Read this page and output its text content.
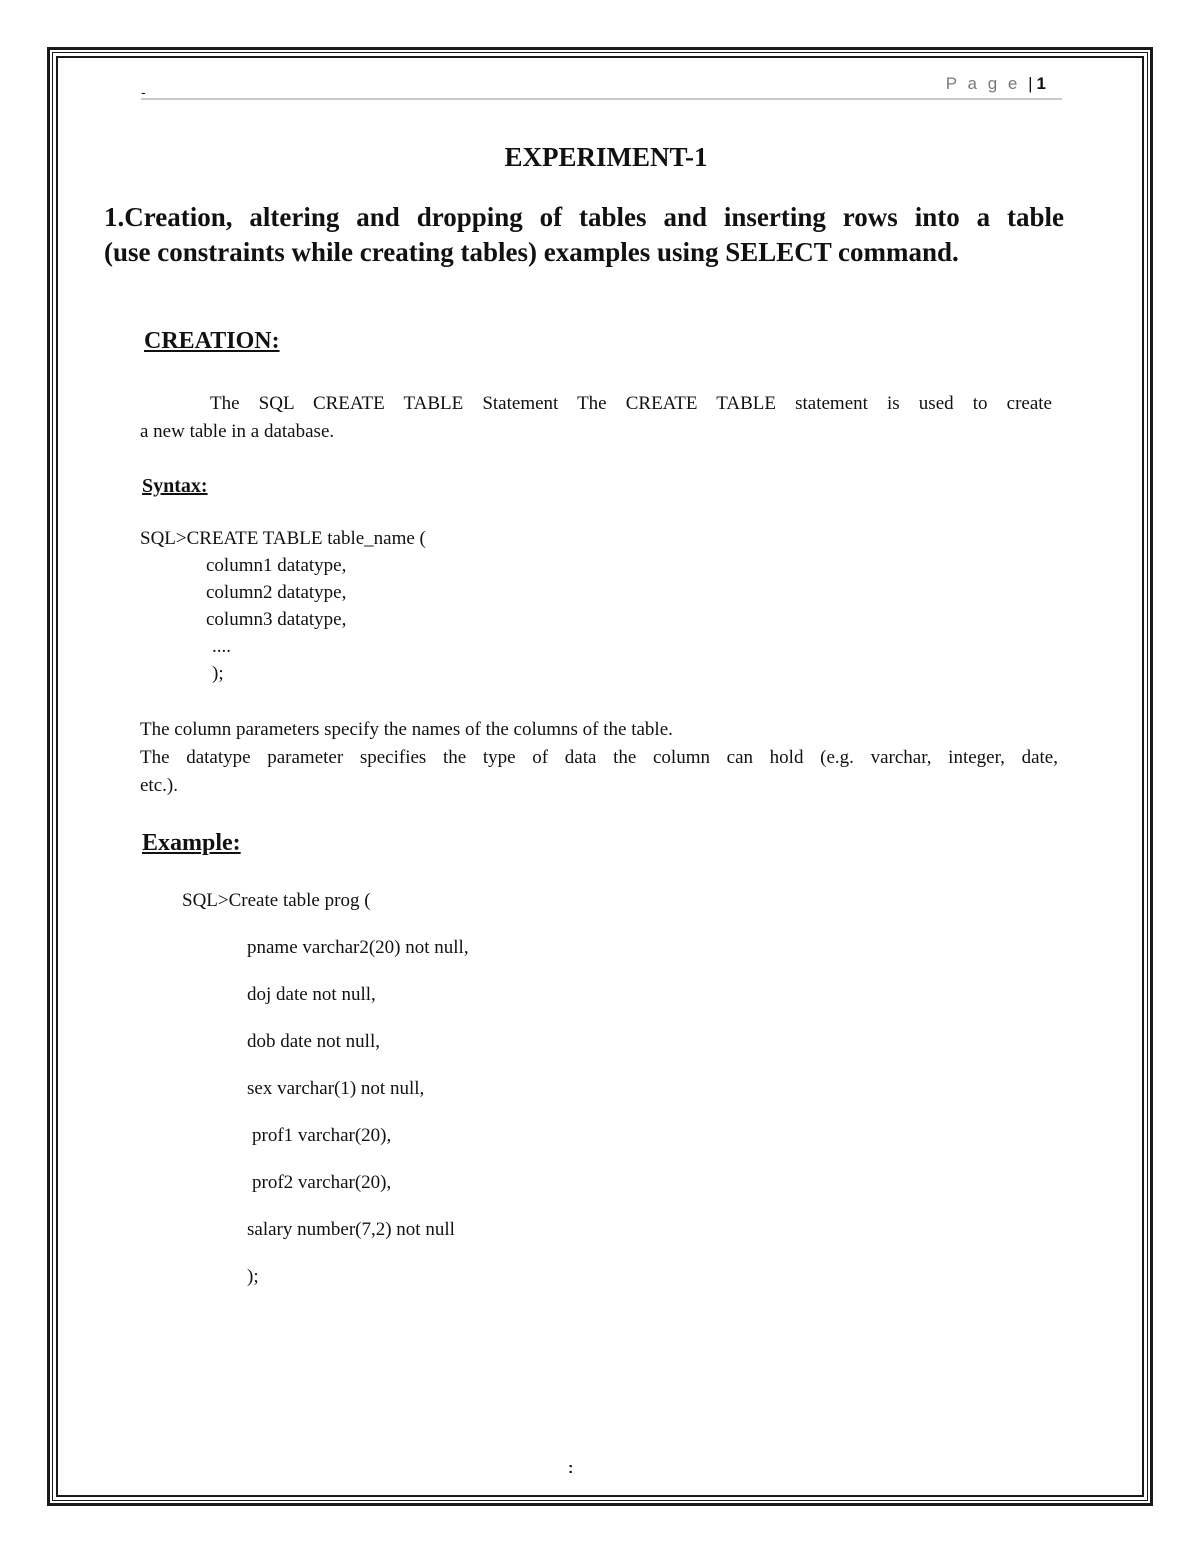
-	P a g e | 1
EXPERIMENT-1
1.Creation, altering and dropping of tables and inserting rows into a table
(use constraints while creating tables) examples using SELECT command.
CREATION:

The SQL CREATE TABLE Statement The CREATE TABLE statement is used to create
a new table in a database.

Syntax:
SQL>CREATE TABLE table_name (
column1 datatype,
column2 datatype,
column3 datatype,
....
);

The column parameters specify the names of the columns of the table.
The datatype parameter specifies the type of data the column can hold (e.g. varchar, integer, date,
etc.).

Example:
SQL>Create table prog (
pname varchar2(20) not null,
doj date not null,
dob date not null,
sex varchar(1) not null,
prof1 varchar(20),
prof2 varchar(20),
salary number(7,2) not null
);
:
